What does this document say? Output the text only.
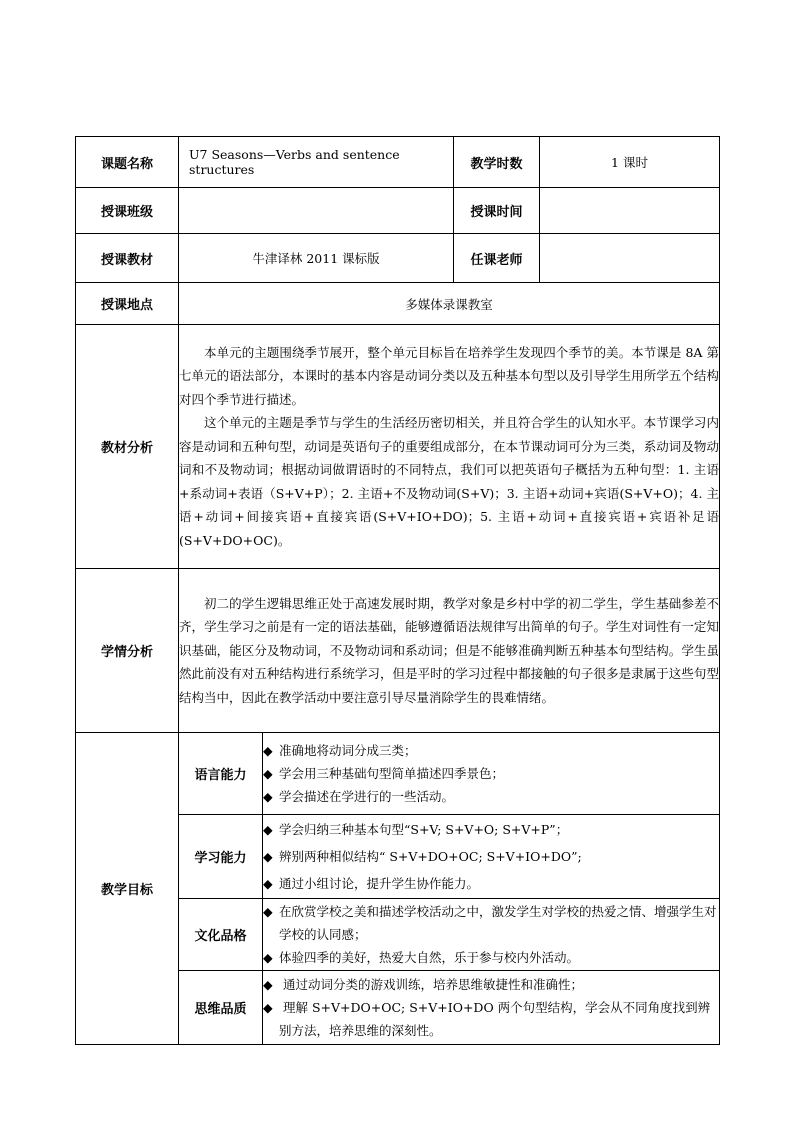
课题名称	U7 Seasons—Verbs and sentence structures		教学时数	1 课时
授课班级			授课时间	
授课教材	牛津译林 2011 课标版		任课老师	
授课地点	多媒体录课教室			
教材分析	本单元的主题围绕季节展开，整个单元目标旨在培养学生发现四个季节的美。本节课是 8A 第七单元的语法部分，本课时的基本内容是动词分类以及五种基本句型以及引导学生用所学五个结构对四个季节进行描述。

这个单元的主题是季节与学生的生活经历密切相关，并且符合学生的认知水平。本节课学习内容是动词和五种句型，动词是英语句子的重要组成部分，在本节课动词可分为三类，系动词及物动词和不及物动词；根据动词做谓语时的不同特点，我们可以把英语句子概括为五种句型：1. 主语+系动词+表语（S+V+P）；2. 主语+不及物动词(S+V)；3. 主语+动词+宾语(S+V+O)；4. 主语+动词+间接宾语+直接宾语(S+V+IO+DO)；5. 主语+动词+直接宾语+宾语补足语(S+V+DO+OC)。			

学情分析	初二的学生逻辑思维正处于高速发展时期，教学对象是乡村中学的初二学生，学生基础参差不齐，学生学习之前是有一定的语法基础，能够遵循语法规律写出简单的句子。学生对词性有一定知识基础，能区分及物动词，不及物动词和系动词；但是不能够准确判断五种基本句型结构。学生虽然此前没有对五种结构进行系统学习，但是平时的学习过程中都接触的句子很多是隶属于这些句型结构当中，因此在教学活动中要注意引导尽量消除学生的畏难情绪。			

教学目标	语言能力	◆ 准确地将动词分成三类；
◆ 学会用三种基础句型简单描述四季景色；
◆ 学会描述在学进行的一些活动。		

	学习能力	◆ 学会归纳三种基本句型“S+V; S+V+O; S+V+P”；
◆ 辨别两种相似结构“ S+V+DO+OC; S+V+IO+DO”;
◆ 通过小组讨论，提升学生协作能力。		

	文化品格	◆ 在欣赏学校之美和描述学校活动之中，激发学生对学校的热爱之情、增强学生对学校的认同感；
◆ 体验四季的美好，热爱大自然，乐于参与校内外活动。		

	思维品质	◆ 通过动词分类的游戏训练，培养思维敏捷性和准确性；
◆ 理解 S+V+DO+OC; S+V+IO+DO 两个句型结构，学会从不同角度找到辨别方法，培养思维的深刻性。		
